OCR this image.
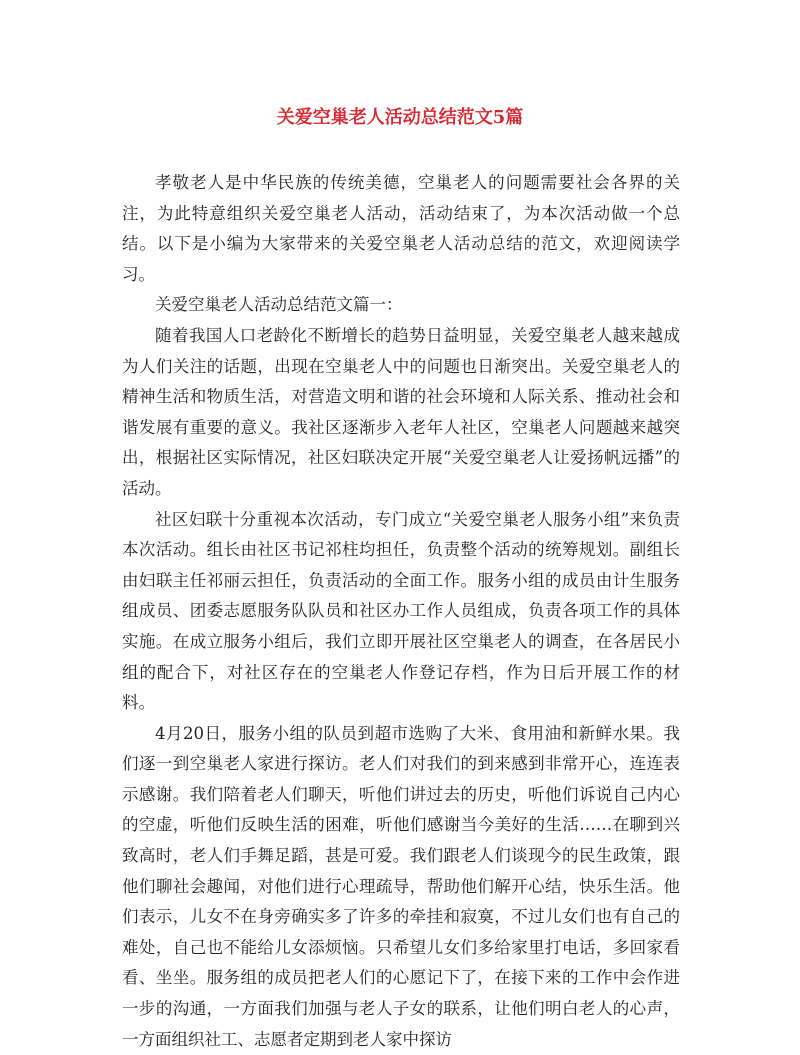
关爱空巢老人活动总结范文5篇

孝敬老人是中华民族的传统美德，空巢老人的问题需要社会各界的关注，为此特意组织关爱空巢老人活动，活动结束了，为本次活动做一个总结。以下是小编为大家带来的关爱空巢老人活动总结的范文，欢迎阅读学习。

关爱空巢老人活动总结范文篇一：

随着我国人口老龄化不断增长的趋势日益明显，关爱空巢老人越来越成为人们关注的话题，出现在空巢老人中的问题也日渐突出。关爱空巢老人的精神生活和物质生活，对营造文明和谐的社会环境和人际关系、推动社会和谐发展有重要的意义。我社区逐渐步入老年人社区，空巢老人问题越来越突出，根据社区实际情况，社区妇联决定开展“关爱空巢老人让爱扬帆远播”的活动。

社区妇联十分重视本次活动，专门成立“关爱空巢老人服务小组”来负责本次活动。组长由社区书记祁柱均担任，负责整个活动的统筹规划。副组长由妇联主任祁丽云担任，负责活动的全面工作。服务小组的成员由计生服务组成员、团委志愿服务队队员和社区办工作人员组成，负责各项工作的具体实施。在成立服务小组后，我们立即开展社区空巢老人的调查，在各居民小组的配合下，对社区存在的空巢老人作登记存档，作为日后开展工作的材料。

4月20日，服务小组的队员到超市选购了大米、食用油和新鲜水果。我们逐一到空巢老人家进行探访。老人们对我们的到来感到非常开心，连连表示感谢。我们陪着老人们聊天，听他们讲过去的历史，听他们诉说自己内心的空虚，听他们反映生活的困难，听他们感谢当今美好的生活……在聊到兴致高时，老人们手舞足蹈，甚是可爱。我们跟老人们谈现今的民生政策，跟他们聊社会趣闻，对他们进行心理疏导，帮助他们解开心结，快乐生活。他们表示，儿女不在身旁确实多了许多的牵挂和寂寞，不过儿女们也有自己的难处，自己也不能给儿女添烦恼。只希望儿女们多给家里打电话，多回家看看、坐坐。服务组的成员把老人们的心愿记下了，在接下来的工作中会作进一步的沟通，一方面我们加强与老人子女的联系，让他们明白老人的心声，一方面组织社工、志愿者定期到老人家中探访
